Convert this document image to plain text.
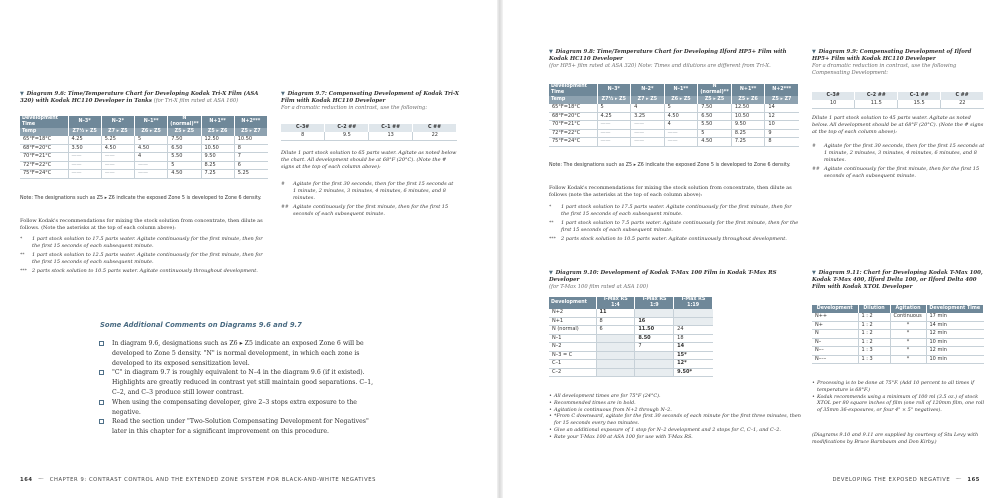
▼ Diagram 9.6: Time/Temperature Chart for Developing Kodak Tri-X Film (ASA 320) with Kodak HC110 Developer in Tanks (for Tri-X film rated at ASA 160)
Development Time	N–3*	N–2*	N–1**	N (normal)**	N+1**	N+2***
Temp	Z7½ ▸ Z5	Z7 ▸ Z5	Z6 ▸ Z5	Z5 ▸ Z5	Z5 ▸ Z6	Z5 ▸ Z7
65°F=18°C	4.25	5.25	5	7.50	12.50	10.50
68°F=20°C	3.50	4.50	4.50	6.50	10.50	8
70°F=21°C	——	——	4	5.50	9.50	7
72°F=22°C	——	——	——	5	8.25	6
75°F=24°C	——	——	——	4.50	7.25	5.25
Note: The designations such as Z5 ▸ Z6 indicate the exposed Zone 5 is developed to Zone 6 density.
Follow Kodak's recommendations for mixing the stock solution from concentrate, then dilute as follows. (Note the asterisks at the top of each column above):
*	1 part stock solution to 17.5 parts water. Agitate continuously for the first minute, then for the first 15 seconds of each subsequent minute.
**	1 part stock solution to 12.5 parts water. Agitate continuously for the first minute, then for the first 15 seconds of each subsequent minute.
***	2 parts stock solution to 10.5 parts water. Agitate continuously throughout development.
▼ Diagram 9.7: Compensating Development of Kodak Tri-X Film with Kodak HC110 Developer
For a dramatic reduction in contrast, use the following:
C–3#	C–2 ##	C–1 ##	C ##
8	9.5	13	22
Dilute 1 part stock solution to 65 parts water. Agitate as noted below the chart. All development should be at 68°F (20°C). (Note the # signs at the top of each column above):
#	Agitate for the first 30 seconds, then for the first 15 seconds at 1 minute, 2 minutes, 3 minutes, 4 minutes, 6 minutes, and 8 minutes.
## Agitate continuously for the first minute, then for the first 15 seconds of each subsequent minute.
Some Additional Comments on Diagrams 9.6 and 9.7
In diagram 9.6, designations such as Z6 ▸ Z5 indicate an exposed Zone 6 will be developed to Zone 5 density. "N" is normal development, in which each zone is developed to its exposed sensitization level.
"C" in diagram 9.7 is roughly equivalent to N–4 in the diagram 9.6 (if it existed). Highlights are greatly reduced in contrast yet still maintain good separations. C–1, C–2, and C–3 produce still lower contrast.
When using the compensating developer, give 2–3 stops extra exposure to the negative.
Read the section under "Two-Solution Compensating Development for Negatives" later in this chapter for a significant improvement on this procedure.
164 〜 CHAPTER 9: CONTRAST CONTROL AND THE EXTENDED ZONE SYSTEM FOR BLACK-AND-WHITE NEGATIVES
▼ Diagram 9.8: Time/Temperature Chart for Developing Ilford HP5+ Film with Kodak HC110 Developer
(for HP5+ film rated at ASA 320) Note: Times and dilutions are different from Tri-X.
Development Time	N–3*	N–2*	N–1**	N (normal)**	N+1**	N+2***
Temp	Z7½ ▸ Z5	Z7 ▸ Z5	Z6 ▸ Z5	Z5 ▸ Z5	Z5 ▸ Z6	Z5 ▸ Z7
65°F=18°C	5	4	5	7.50	12.50	14
68°F=20°C	4.25	3.25	4.50	6.50	10.50	12
70°F=21°C	——	——	4	5.50	9.50	10
72°F=22°C	——	——	——	5	8.25	9
75°F=24°C	——	——	——	4.50	7.25	8
Note: The designations such as Z5 ▸ Z6 indicate the exposed Zone 5 is developed to Zone 6 density.
Follow Kodak's recommendations for mixing the stock solution from concentrate, then dilute as follows (note the asterisks at the top of each column above):
*	1 part stock solution to 17.5 parts water. Agitate continuously for the first minute, then for the first 15 seconds of each subsequent minute.
**	1 part stock solution to 7.5 parts water. Agitate continuously for the first minute, then for the first 15 seconds of each subsequent minute.
***	2 parts stock solution to 10.5 parts water. Agitate continuously throughout development.
▼ Diagram 9.9: Compensating Development of Ilford HP5+ Film with Kodak HC110 Developer
For a dramatic reduction in contrast, use the following Compensating Development:
C–3#	C–2 ##	C–1 ##	C ##
10	11.5	15.5	22
Dilute 1 part stock solution to 45 parts water. Agitate as noted below. All development should be at 68°F (20°C). (Note the # signs at the top of each column above):
#	Agitate for the first 30 seconds, then for the first 15 seconds at 1 minute, 2 minutes, 3 minutes, 4 minutes, 6 minutes, and 8 minutes.
## Agitate continuously for the first minute, then for the first 15 seconds of each subsequent minute.
▼ Diagram 9.10: Development of Kodak T-Max 100 Film in Kodak T-Max RS Developer
(for T-Max 100 film rated at ASA 100)
Development	T-Max RS 1:4	T-Max RS 1:9	T-Max RS 1:19
N+2	11		
N+1	8	16	
N (normal)	6	11.50	24
N–1		8.50	18
N–2		7	14
N–3 = C			15*
C–1			12*
C–2			9.50*
• All development times are for 75°F (24°C).
• Recommended times are in bold.
• Agitation is continuous from N+2 through N–2.
• *From C downward, agitate for the first 30 seconds of each minute for the first three minutes, then for 15 seconds every two minutes.
• Give an additional exposure of 1 stop for N–2 development and 2 stops for C, C–1, and C–2.
• Rate your T-Max 100 at ASA 100 for use with T-Max RS.
▼ Diagram 9.11: Chart for Developing Kodak T-Max 100, Kodak T-Max 400, Ilford Delta 100, or Ilford Delta 400 Film with Kodak XTOL Developer
Development	Dilution	Agitation	Development Time
N++	1 : 2	Continuous	17 min
N+	1 : 2	*	14 min
N	1 : 2	*	12 min
N–	1 : 2	*	10 min
N––	1 : 3	*	12 min
N–––	1 : 3	*	10 min
• Processing is to be done at 75°F. (Add 10 percent to all times if temperature is 68°F.)
• Kodak recommends using a minimum of 100 ml (3.5 oz.) of stock XTOL per 80 square inches of film (one roll of 120mm film, one roll of 35mm 36-exposures, or four 4" × 5" negatives).
(Diagrams 9.10 and 9.11 are supplied by courtesy of Stu Levy with modifications by Bruce Barnbaum and Don Kirby.)
DEVELOPING THE EXPOSED NEGATIVE 〜 165
